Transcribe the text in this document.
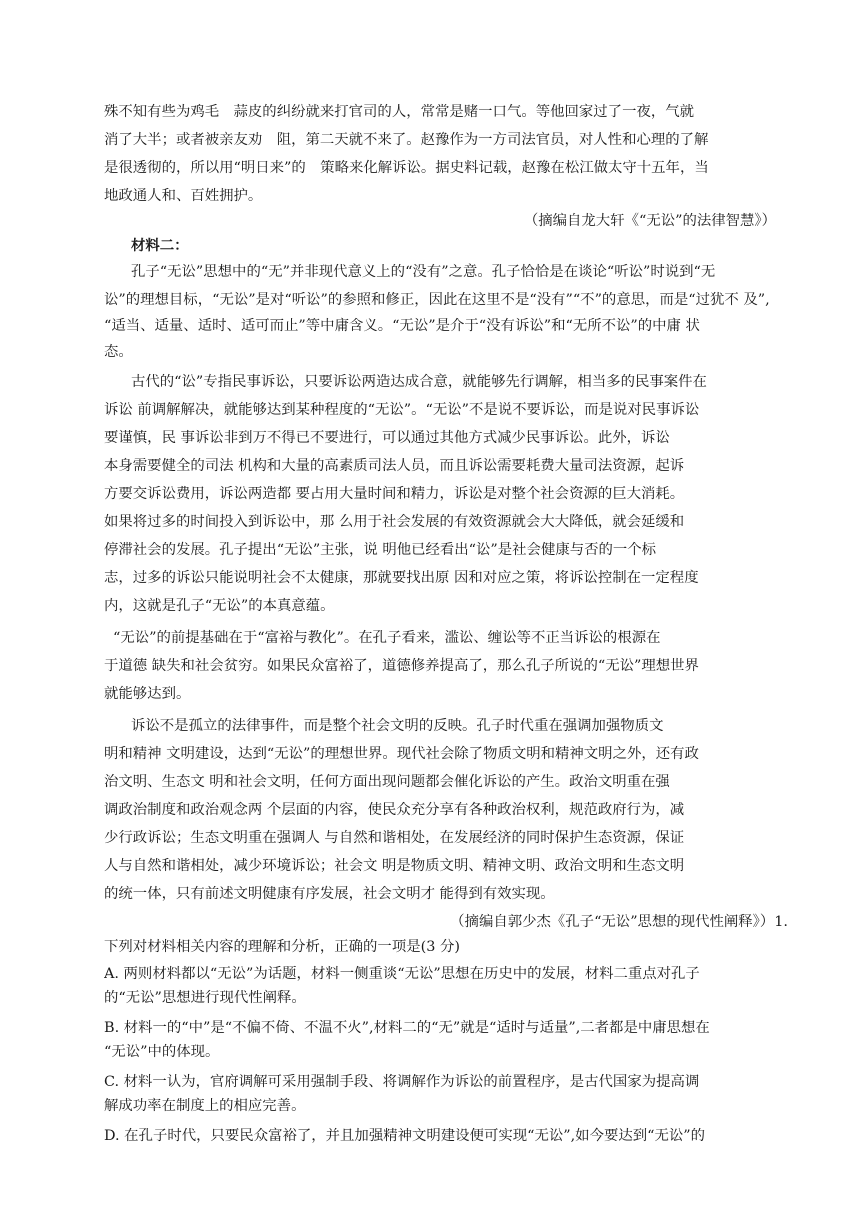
殊不知有些为鸡毛　蒜皮的纠纷就来打官司的人，常常是赌一口气。等他回家过了一夜，气就
消了大半；或者被亲友劝　阻，第二天就不来了。赵豫作为一方司法官员，对人性和心理的了解
是很透彻的，所以用“明日来”的　策略来化解诉讼。据史料记载，赵豫在松江做太守十五年，当
地政通人和、百姓拥护。
（摘编自龙大轩《“无讼”的法律智慧》）
材料二：
孔子“无讼”思想中的“无”并非现代意义上的“没有”之意。孔子恰恰是在谈论“听讼”时说到“无
讼”的理想目标，“无讼”是对“听讼”的参照和修正，因此在这里不是“没有”“不”的意思，而是“过犹不 及”,
“适当、适量、适时、适可而止”等中庸含义。“无讼”是介于“没有诉讼”和“无所不讼”的中庸 状
态。
古代的“讼”专指民事诉讼，只要诉讼两造达成合意，就能够先行调解，相当多的民事案件在
诉讼 前调解解决，就能够达到某种程度的“无讼”。“无讼”不是说不要诉讼，而是说对民事诉讼
要谨慎，民 事诉讼非到万不得已不要进行，可以通过其他方式减少民事诉讼。此外，诉讼
本身需要健全的司法 机构和大量的高素质司法人员，而且诉讼需要耗费大量司法资源，起诉
方要交诉讼费用，诉讼两造都 要占用大量时间和精力，诉讼是对整个社会资源的巨大消耗。
如果将过多的时间投入到诉讼中，那 么用于社会发展的有效资源就会大大降低，就会延缓和
停滞社会的发展。孔子提出“无讼”主张，说 明他已经看出“讼”是社会健康与否的一个标
志，过多的诉讼只能说明社会不太健康，那就要找出原 因和对应之策，将诉讼控制在一定程度
内，这就是孔子“无讼”的本真意蕴。
“无讼”的前提基础在于“富裕与教化”。在孔子看来，滥讼、缠讼等不正当诉讼的根源在
于道德 缺失和社会贫穷。如果民众富裕了，道德修养提高了，那么孔子所说的“无讼”理想世界
就能够达到。
诉讼不是孤立的法律事件，而是整个社会文明的反映。孔子时代重在强调加强物质文
明和精神 文明建设，达到“无讼”的理想世界。现代社会除了物质文明和精神文明之外，还有政
治文明、生态文 明和社会文明，任何方面出现问题都会催化诉讼的产生。政治文明重在强
调政治制度和政治观念两 个层面的内容，使民众充分享有各种政治权利，规范政府行为，减
少行政诉讼；生态文明重在强调人 与自然和谐相处，在发展经济的同时保护生态资源，保证
人与自然和谐相处，减少环境诉讼；社会文 明是物质文明、精神文明、政治文明和生态文明
的统一体，只有前述文明健康有序发展，社会文明才 能得到有效实现。
（摘编自郭少杰《孔子“无讼”思想的现代性阐释》）1.
下列对材料相关内容的理解和分析，正确的一项是(3 分)
A. 两则材料都以“无讼”为话题，材料一侧重谈“无讼”思想在历史中的发展，材料二重点对孔子
的“无讼”思想进行现代性阐释。
B. 材料一的“中”是“不偏不倚、不温不火”,材料二的“无”就是“适时与适量”,二者都是中庸思想在
“无讼”中的体现。
C. 材料一认为，官府调解可采用强制手段、将调解作为诉讼的前置程序，是古代国家为提高调
解成功率在制度上的相应完善。
D. 在孔子时代，只要民众富裕了，并且加强精神文明建设便可实现“无讼”,如今要达到“无讼”的
